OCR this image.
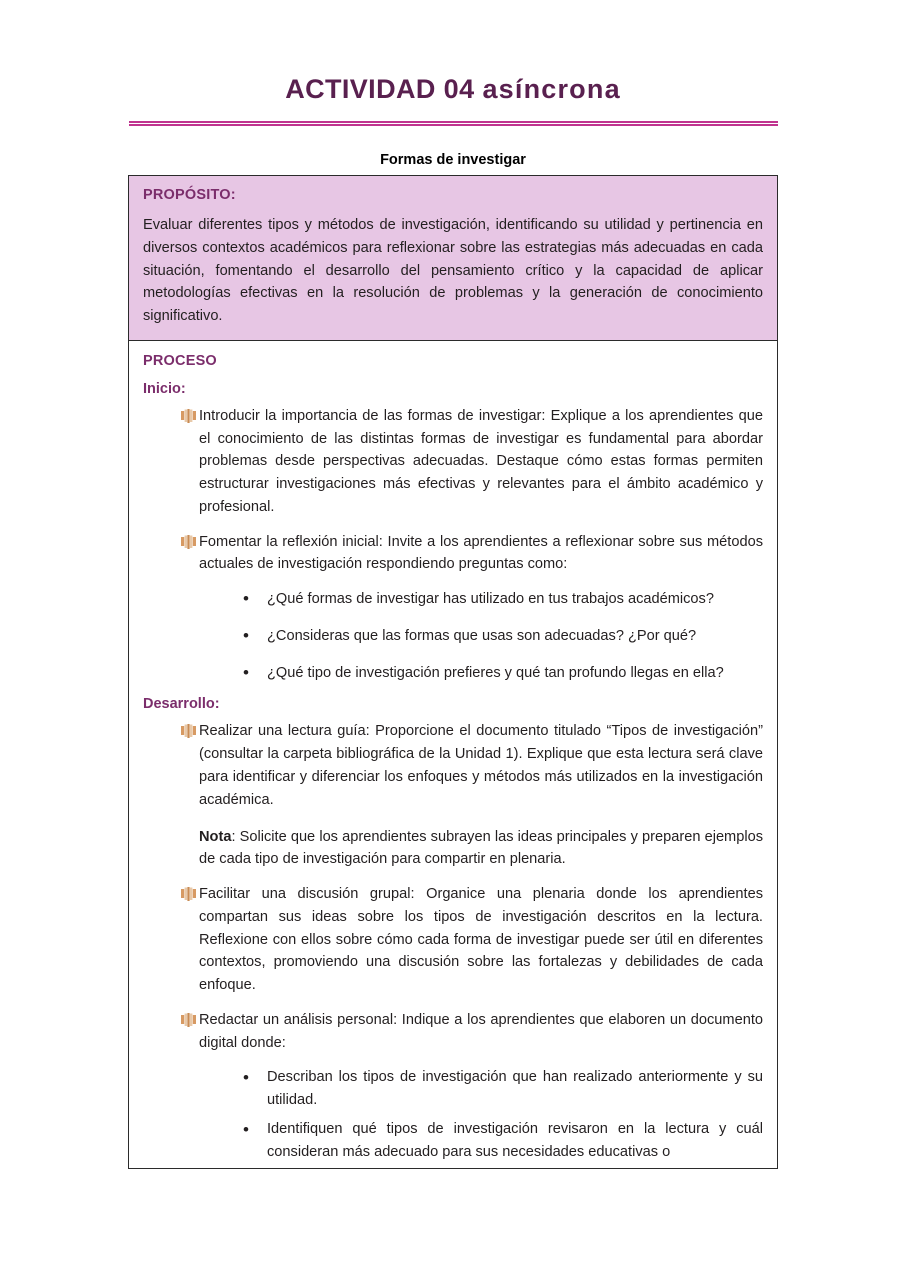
ACTIVIDAD 04 asíncrona
Formas de investigar
PROPÓSITO:

Evaluar diferentes tipos y métodos de investigación, identificando su utilidad y pertinencia en diversos contextos académicos para reflexionar sobre las estrategias más adecuadas en cada situación, fomentando el desarrollo del pensamiento crítico y la capacidad de aplicar metodologías efectivas en la resolución de problemas y la generación de conocimiento significativo.

PROCESO
Inicio:
Introducir la importancia de las formas de investigar: Explique a los aprendientes que el conocimiento de las distintas formas de investigar es fundamental para abordar problemas desde perspectivas adecuadas. Destaque cómo estas formas permiten estructurar investigaciones más efectivas y relevantes para el ámbito académico y profesional.
Fomentar la reflexión inicial: Invite a los aprendientes a reflexionar sobre sus métodos actuales de investigación respondiendo preguntas como:
• ¿Qué formas de investigar has utilizado en tus trabajos académicos?
• ¿Consideras que las formas que usas son adecuadas? ¿Por qué?
• ¿Qué tipo de investigación prefieres y qué tan profundo llegas en ella?
Desarrollo:
Realizar una lectura guía: Proporcione el documento titulado “Tipos de investigación” (consultar la carpeta bibliográfica de la Unidad 1). Explique que esta lectura será clave para identificar y diferenciar los enfoques y métodos más utilizados en la investigación académica.
Nota: Solicite que los aprendientes subrayen las ideas principales y preparen ejemplos de cada tipo de investigación para compartir en plenaria.
Facilitar una discusión grupal: Organice una plenaria donde los aprendientes compartan sus ideas sobre los tipos de investigación descritos en la lectura. Reflexione con ellos sobre cómo cada forma de investigar puede ser útil en diferentes contextos, promoviendo una discusión sobre las fortalezas y debilidades de cada enfoque.
Redactar un análisis personal: Indique a los aprendientes que elaboren un documento digital donde:
• Describan los tipos de investigación que han realizado anteriormente y su utilidad.
• Identifiquen qué tipos de investigación revisaron en la lectura y cuál consideran más adecuado para sus necesidades educativas o
